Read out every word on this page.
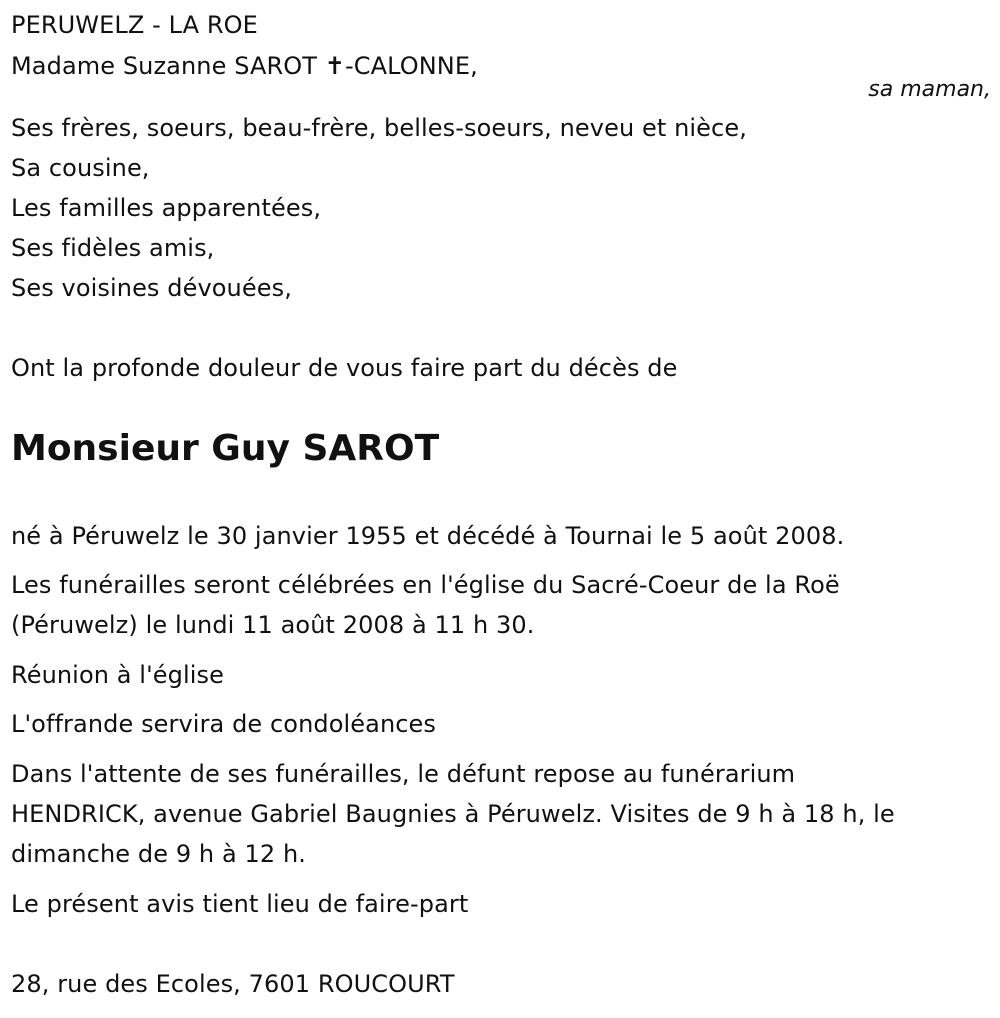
PERUWELZ - LA ROE
Madame Suzanne SAROT ✝-CALONNE,
sa maman,
Ses frères, soeurs, beau-frère, belles-soeurs, neveu et nièce,
Sa cousine,
Les familles apparentées,
Ses fidèles amis,
Ses voisines dévouées,
Ont la profonde douleur de vous faire part du décès de
Monsieur Guy SAROT
né à Péruwelz le 30 janvier 1955 et décédé à Tournai le 5 août 2008.
Les funérailles seront célébrées en l'église du Sacré-Coeur de la Roë
(Péruwelz) le lundi 11 août 2008 à 11 h 30.
Réunion à l'église
L'offrande servira de condoléances
Dans l'attente de ses funérailles, le défunt repose au funérarium
HENDRICK, avenue Gabriel Baugnies à Péruwelz. Visites de 9 h à 18 h, le
dimanche de 9 h à 12 h.
Le présent avis tient lieu de faire-part
28, rue des Ecoles, 7601 ROUCOURT
